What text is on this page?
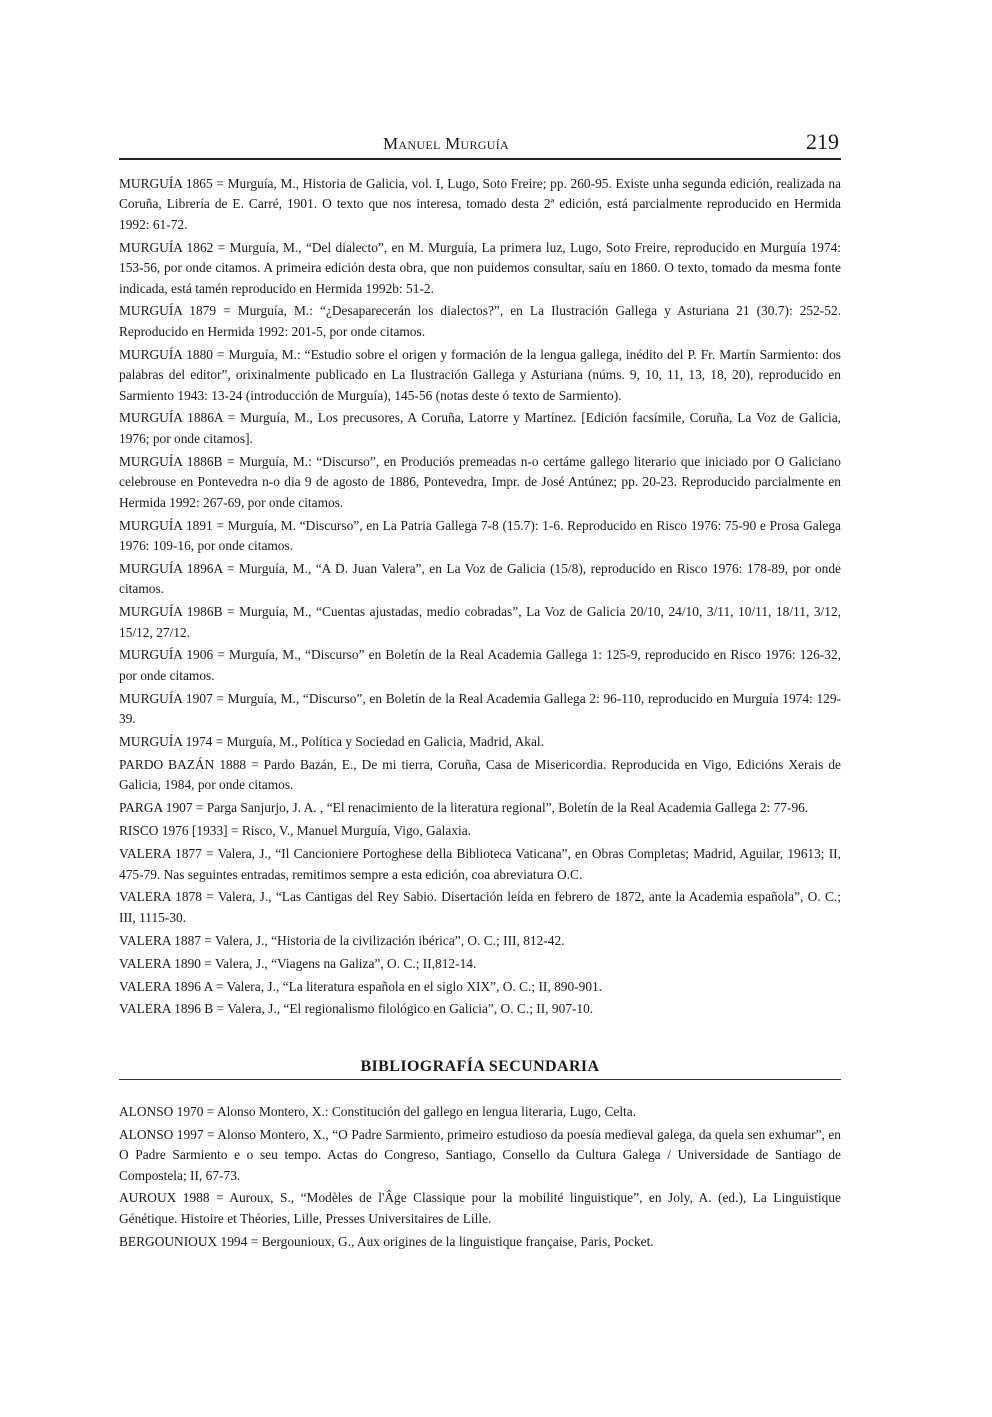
Manuel Murguía	219

MURGUÍA 1865 = Murguía, M., Historia de Galicia, vol. I, Lugo, Soto Freire; pp. 260-95. Existe unha segunda edición, realizada na Coruña, Librería de E. Carré, 1901. O texto que nos interesa, tomado desta 2ª edición, está parcialmente reproducido en Hermida 1992: 61-72.

MURGUÍA 1862 = Murguía, M., “Del dialecto”, en M. Murguía, La primera luz, Lugo, Soto Freire, reproducido en Murguía 1974: 153-56, por onde citamos. A primeira edición desta obra, que non puidemos consultar, saíu en 1860. O texto, tomado da mesma fonte indicada, está tamén reproducido en Hermida 1992b: 51-2.

MURGUÍA 1879 = Murguía, M.: “¿Desaparecerán los dialectos?”, en La Ilustración Gallega y Asturiana 21 (30.7): 252-52. Reproducido en Hermida 1992: 201-5, por onde citamos.

MURGUÍA 1880 = Murguía, M.: “Estudio sobre el origen y formación de la lengua gallega, inédito del P. Fr. Martín Sarmiento: dos palabras del editor”, orixinalmente publicado en La Ilustración Gallega y Asturiana (núms. 9, 10, 11, 13, 18, 20), reproducido en Sarmiento 1943: 13-24 (introducción de Murguía), 145-56 (notas deste ó texto de Sarmiento).

MURGUÍA 1886A = Murguía, M., Los precusores, A Coruña, Latorre y Martínez. [Edición facsímile, Coruña, La Voz de Galicia, 1976; por onde citamos].

MURGUÍA 1886B = Murguía, M.: “Discurso”, en Produciós premeadas n-o certáme gallego literario que iniciado por O Galiciano celebrouse en Pontevedra n-o dia 9 de agosto de 1886, Pontevedra, Impr. de José Antúnez; pp. 20-23. Reproducido parcialmente en Hermida 1992: 267-69, por onde citamos.

MURGUÍA 1891 = Murguía, M. “Discurso”, en La Patria Gallega 7-8 (15.7): 1-6. Reproducido en Risco 1976: 75-90 e Prosa Galega 1976: 109-16, por onde citamos.

MURGUÍA 1896A = Murguía, M., “A D. Juan Valera”, en La Voz de Galicia (15/8), reproducido en Risco 1976: 178-89, por onde citamos.

MURGUÍA 1986B = Murguía, M., “Cuentas ajustadas, medio cobradas”, La Voz de Galicia 20/10, 24/10, 3/11, 10/11, 18/11, 3/12, 15/12, 27/12.

MURGUÍA 1906 = Murguía, M., “Discurso” en Boletín de la Real Academia Gallega 1: 125-9, reproducido en Risco 1976: 126-32, por onde citamos.

MURGUÍA 1907 = Murguía, M., “Discurso”, en Boletín de la Real Academia Gallega 2: 96-110, reproducido en Murguía 1974: 129-39.

MURGUÍA 1974 = Murguía, M., Política y Sociedad en Galicia, Madrid, Akal.

PARDO BAZÁN 1888 = Pardo Bazán, E., De mi tierra, Coruña, Casa de Misericordia. Reproducida en Vigo, Edicións Xerais de Galicia, 1984, por onde citamos.

PARGA 1907 = Parga Sanjurjo, J. A. , “El renacimiento de la literatura regional”, Boletín de la Real Academia Gallega 2: 77-96.

RISCO 1976 [1933] = Risco, V., Manuel Murguía, Vigo, Galaxia.

VALERA 1877 = Valera, J., “Il Cancioniere Portoghese della Biblioteca Vaticana”, en Obras Completas; Madrid, Aguilar, 19613; II, 475-79. Nas seguintes entradas, remitimos sempre a esta edición, coa abreviatura O.C.

VALERA 1878 = Valera, J., “Las Cantigas del Rey Sabio. Disertación leída en febrero de 1872, ante la Academia española”, O. C.; III, 1115-30.

VALERA 1887 = Valera, J., “Historia de la civilización ibérica”, O. C.; III, 812-42.

VALERA 1890 = Valera, J., “Viagens na Galiza”, O. C.; II,812-14.

VALERA 1896 A = Valera, J., “La literatura española en el siglo XIX”, O. C.; II, 890-901.

VALERA 1896 B = Valera, J., “El regionalismo filológico en Galicia”, O. C.; II, 907-10.

BIBLIOGRAFÍA SECUNDARIA

ALONSO 1970 = Alonso Montero, X.: Constitución del gallego en lengua literaria, Lugo, Celta.

ALONSO 1997 = Alonso Montero, X., “O Padre Sarmiento, primeiro estudioso da poesía medieval galega, da quela sen exhumar”, en O Padre Sarmiento e o seu tempo. Actas do Congreso, Santiago, Consello da Cultura Galega / Universidade de Santiago de Compostela; II, 67-73.

AUROUX 1988 = Auroux, S., “Modèles de l'Âge Classique pour la mobilité linguistique”, en Joly, A. (ed.), La Linguistique Génétique. Histoire et Théories, Lille, Presses Universitaires de Lille.

BERGOUNIOUX 1994 = Bergounioux, G., Aux origines de la linguistique française, Paris, Pocket.
